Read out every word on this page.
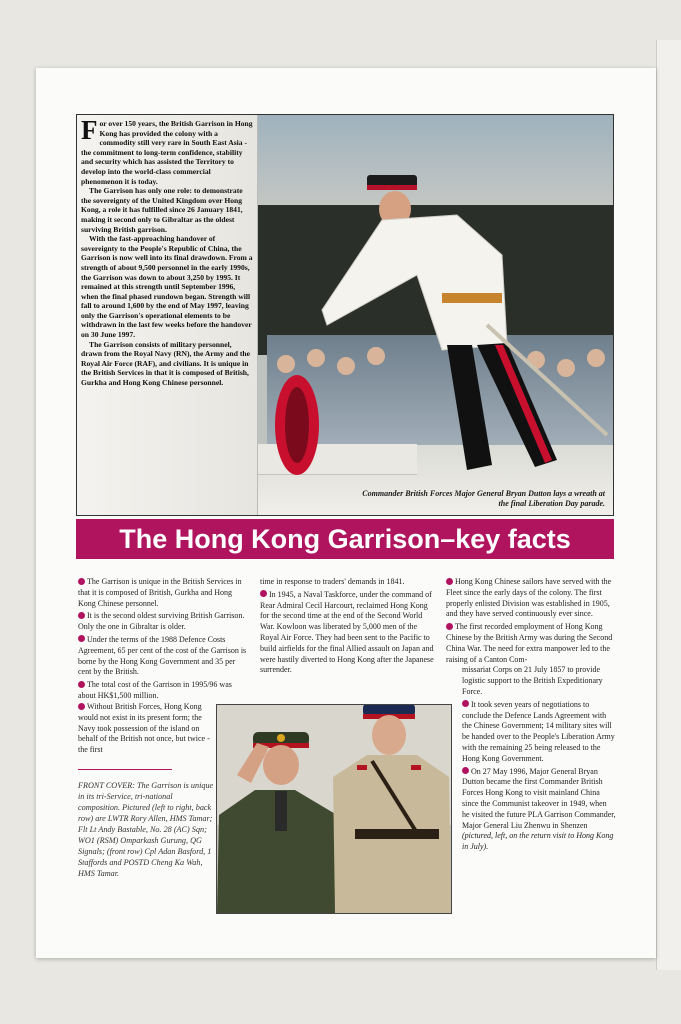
For over 150 years, the British Garrison in Hong Kong has provided the colony with a commodity still very rare in South East Asia - the commitment to long-term confidence, stability and security which has assisted the Territory to develop into the world-class commercial phenomenon it is today.

The Garrison has only one role: to demonstrate the sovereignty of the United Kingdom over Hong Kong, a role it has fulfilled since 26 January 1841, making it second only to Gibraltar as the oldest surviving British garrison.

With the fast-approaching handover of sovereignty to the People's Republic of China, the Garrison is now well into its final drawdown. From a strength of about 9,500 personnel in the early 1990s, the Garrison was down to about 3,250 by 1995. It remained at this strength until September 1996, when the final phased rundown began. Strength will fall to around 1,600 by the end of May 1997, leaving only the Garrison's operational elements to be withdrawn in the last few weeks before the handover on 30 June 1997.

The Garrison consists of military personnel, drawn from the Royal Navy (RN), the Army and the Royal Air Force (RAF), and civilians. It is unique in the British Services in that it is composed of British, Gurkha and Hong Kong Chinese personnel.

Commander British Forces Major General Bryan Dutton lays a wreath at the final Liberation Day parade.
The Hong Kong Garrison–key facts

The Garrison is unique in the British Services in that it is composed of British, Gurkha and Hong Kong Chinese personnel.

It is the second oldest surviving British Garrison. Only the one in Gibraltar is older.

Under the terms of the 1988 Defence Costs Agreement, 65 per cent of the cost of the Garrison is borne by the Hong Kong Government and 35 per cent by the British.

The total cost of the Garrison in 1995/96 was about HK$1,500 million.

Without British Forces, Hong Kong would not exist in its present form; the Navy took possession of the island on behalf of the British not once, but twice - the first

FRONT COVER: The Garrison is unique in its tri-Service, tri-national composition. Pictured (left to right, back row) are LWTR Rory Allen, HMS Tamar; Flt Lt Andy Bastable, No. 28 (AC) Sqn; WO1 (RSM) Omparkash Gurung, QG Signals; (front row) Cpl Adan Basford, 1 Staffords and POSTD Cheng Ka Wah, HMS Tamar.

time in response to traders' demands in 1841.

In 1945, a Naval Taskforce, under the command of Rear Admiral Cecil Harcourt, reclaimed Hong Kong for the second time at the end of the Second World War. Kowloon was liberated by 5,000 men of the Royal Air Force. They had been sent to the Pacific to build airfields for the final Allied assault on Japan and were hastily diverted to Hong Kong after the Japanese surrender.

Hong Kong Chinese sailors have served with the Fleet since the early days of the colony. The first properly enlisted Division was established in 1905, and they have served continuously ever since.

The first recorded employment of Hong Kong Chinese by the British Army was during the Second China War. The need for extra manpower led to the raising of a Canton Com-

missariat Corps on 21 July 1857 to provide logistic support to the British Expeditionary Force.

It took seven years of negotiations to conclude the Defence Lands Agreement with the Chinese Government; 14 military sites will be handed over to the People's Liberation Army with the remaining 25 being released to the Hong Kong Government.

On 27 May 1996, Major General Bryan Dutton became the first Commander British Forces Hong Kong to visit mainland China since the Communist takeover in 1949, when he visited the future PLA Garrison Commander, Major General Liu Zhenwu in Shenzen (pictured, left, on the return visit to Hong Kong in July).
